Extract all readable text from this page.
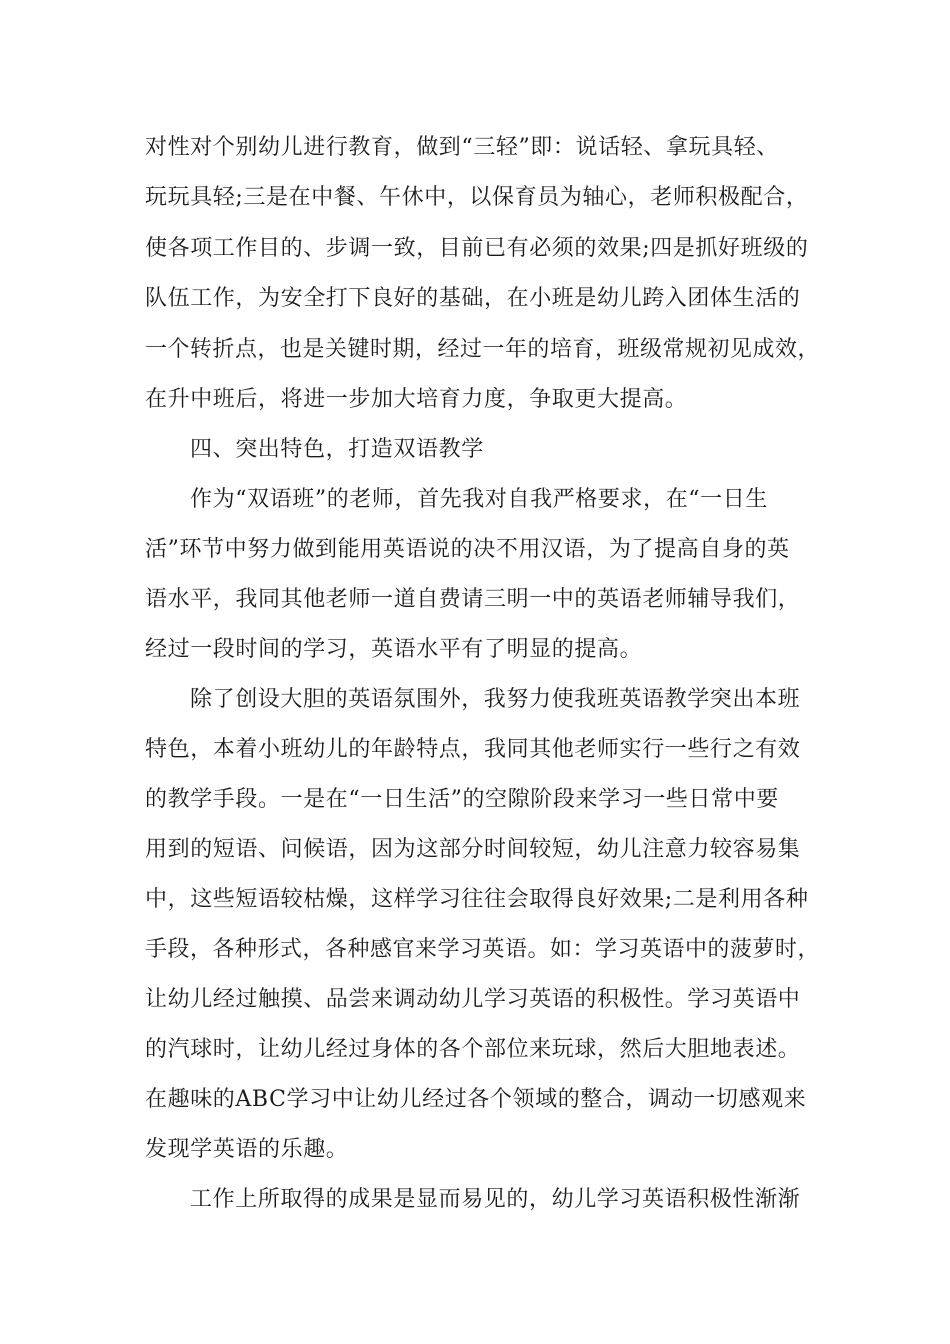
对性对个别幼儿进行教育，做到“三轻”即：说话轻、拿玩具轻、
玩玩具轻;三是在中餐、午休中，以保育员为轴心，老师积极配合，
使各项工作目的、步调一致，目前已有必须的效果;四是抓好班级的
队伍工作，为安全打下良好的基础，在小班是幼儿跨入团体生活的
一个转折点，也是关键时期，经过一年的培育，班级常规初见成效，
在升中班后，将进一步加大培育力度，争取更大提高。
四、突出特色，打造双语教学
作为“双语班”的老师，首先我对自我严格要求，在“一日生
活”环节中努力做到能用英语说的决不用汉语，为了提高自身的英
语水平，我同其他老师一道自费请三明一中的英语老师辅导我们，
经过一段时间的学习，英语水平有了明显的提高。
除了创设大胆的英语氛围外，我努力使我班英语教学突出本班
特色，本着小班幼儿的年龄特点，我同其他老师实行一些行之有效
的教学手段。一是在“一日生活”的空隙阶段来学习一些日常中要
用到的短语、问候语，因为这部分时间较短，幼儿注意力较容易集
中，这些短语较枯燥，这样学习往往会取得良好效果;二是利用各种
手段，各种形式，各种感官来学习英语。如：学习英语中的菠萝时，
让幼儿经过触摸、品尝来调动幼儿学习英语的积极性。学习英语中
的汽球时，让幼儿经过身体的各个部位来玩球，然后大胆地表述。
在趣味的ABC学习中让幼儿经过各个领域的整合，调动一切感观来
发现学英语的乐趣。
工作上所取得的成果是显而易见的，幼儿学习英语积极性渐渐
